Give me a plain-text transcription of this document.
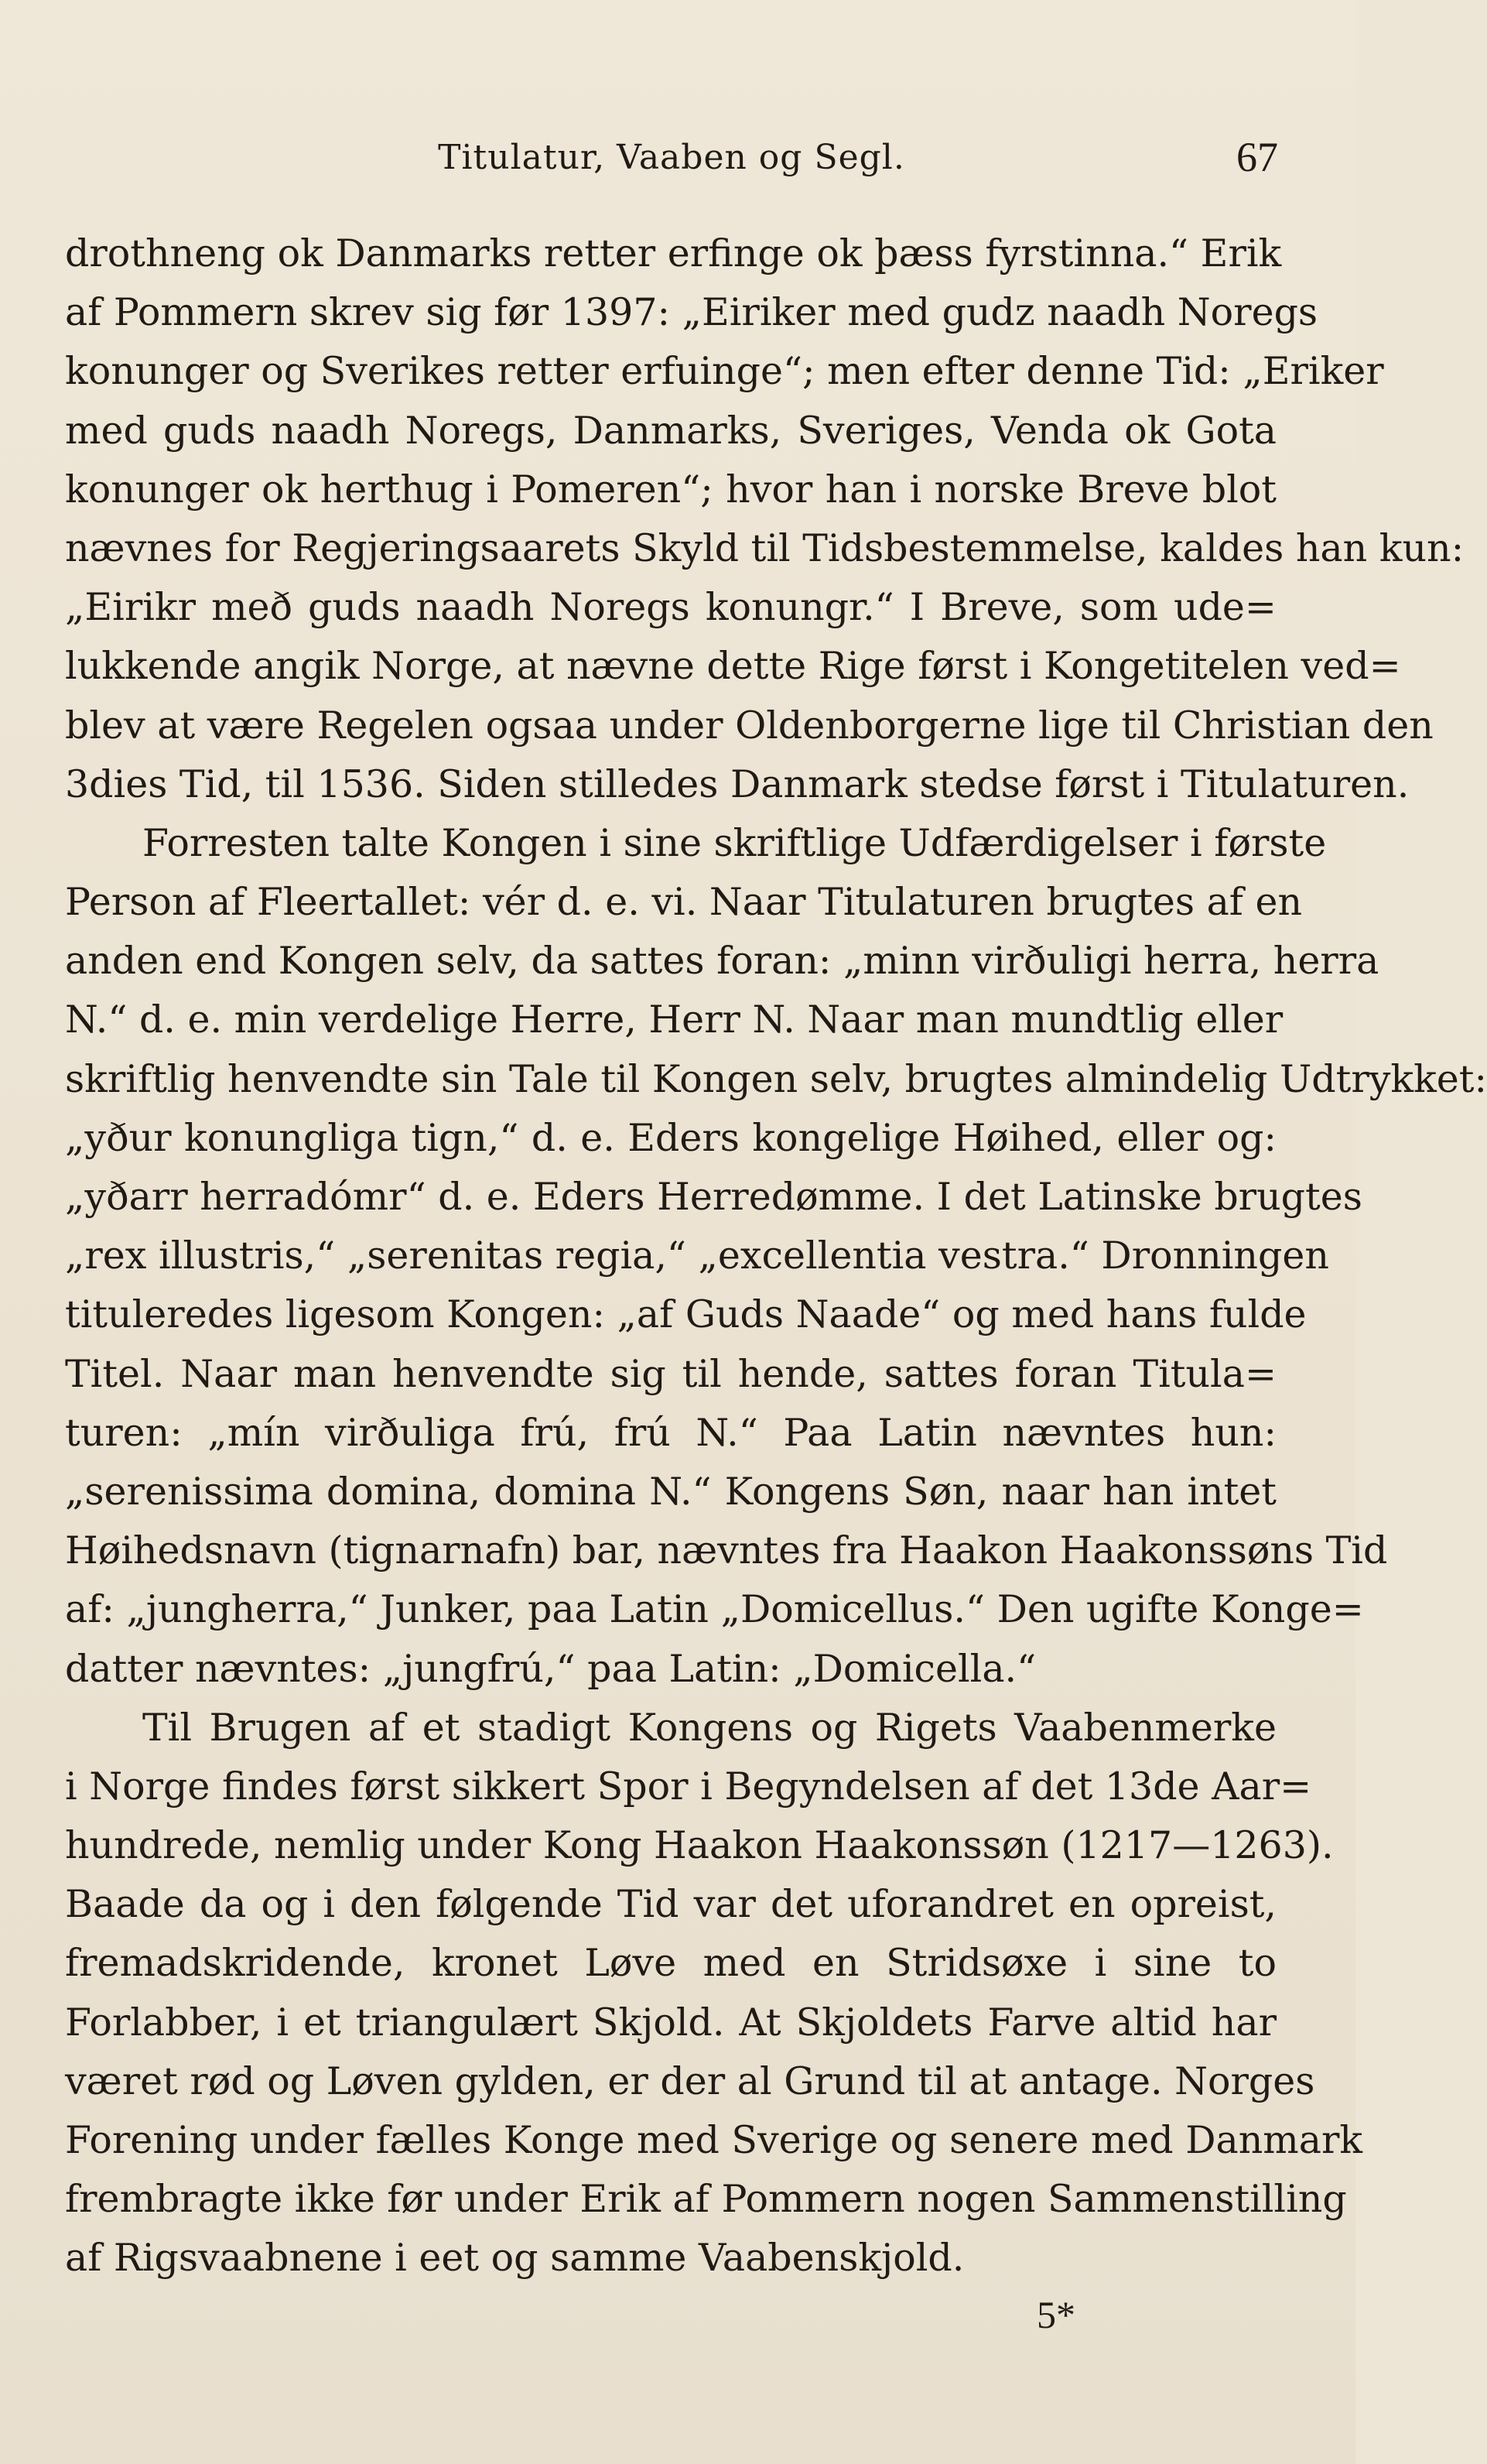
Titulatur, Vaaben og Segl.	67
drothneng ok Danmarks retter erfinge ok þæss fyrstinna.“ Erik
af Pommern skrev sig før 1397: „Eiriker med gudz naadh Noregs
konunger og Sverikes retter erfuinge“; men efter denne Tid: „Eriker
med guds naadh Noregs, Danmarks, Sveriges, Venda ok Gota
konunger ok herthug i Pomeren“; hvor han i norske Breve blot
nævnes for Regjeringsaarets Skyld til Tidsbestemmelse, kaldes han kun:
„Eirikr með guds naadh Noregs konungr.“ I Breve, som ude=
lukkende angik Norge, at nævne dette Rige først i Kongetitelen ved=
blev at være Regelen ogsaa under Oldenborgerne lige til Christian den
3dies Tid, til 1536. Siden stilledes Danmark stedse først i Titulaturen.
Forresten talte Kongen i sine skriftlige Udfærdigelser i første
Person af Fleertallet: vér d. e. vi. Naar Titulaturen brugtes af en
anden end Kongen selv, da sattes foran: „minn virðuligi herra, herra
N.“ d. e. min verdelige Herre, Herr N. Naar man mundtlig eller
skriftlig henvendte sin Tale til Kongen selv, brugtes almindelig Udtrykket:
„yður konungliga tign,“ d. e. Eders kongelige Høihed, eller og:
„yðarr herradómr“ d. e. Eders Herredømme. I det Latinske brugtes
„rex illustris,“ „serenitas regia,“ „excellentia vestra.“ Dronningen
tituleredes ligesom Kongen: „af Guds Naade“ og med hans fulde
Titel. Naar man henvendte sig til hende, sattes foran Titula=
turen: „mín virðuliga frú, frú N.“ Paa Latin nævntes hun:
„serenissima domina, domina N.“ Kongens Søn, naar han intet
Høihedsnavn (tignarnafn) bar, nævntes fra Haakon Haakonssøns Tid
af: „jungherra,“ Junker, paa Latin „Domicellus.“ Den ugifte Konge=
datter nævntes: „jungfrú,“ paa Latin: „Domicella.“
Til Brugen af et stadigt Kongens og Rigets Vaabenmerke
i Norge findes først sikkert Spor i Begyndelsen af det 13de Aar=
hundrede, nemlig under Kong Haakon Haakonssøn (1217—1263).
Baade da og i den følgende Tid var det uforandret en opreist,
fremadskridende, kronet Løve med en Stridsøxe i sine to
Forlabber, i et triangulært Skjold. At Skjoldets Farve altid har
været rød og Løven gylden, er der al Grund til at antage. Norges
Forening under fælles Konge med Sverige og senere med Danmark
frembragte ikke før under Erik af Pommern nogen Sammenstilling
af Rigsvaabnene i eet og samme Vaabenskjold.
5*
